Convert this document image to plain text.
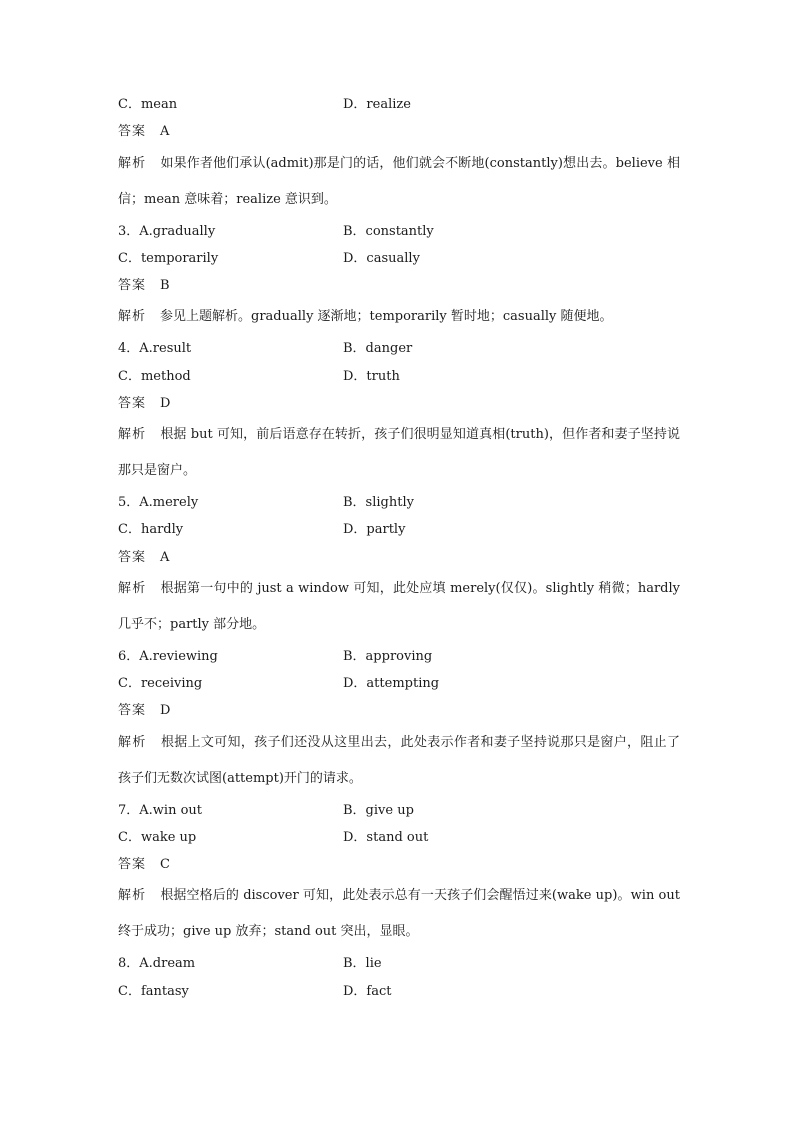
C．mean	D．realize
答案 A
解析 如果作者他们承认(admit)那是门的话，他们就会不断地(constantly)想出去。believe 相信；mean 意味着；realize 意识到。
3．A.gradually	B．constantly
C．temporarily	D．casually
答案 B
解析 参见上题解析。gradually 逐渐地；temporarily 暂时地；casually 随便地。
4．A.result	B．danger
C．method	D．truth
答案 D
解析 根据 but 可知，前后语意存在转折，孩子们很明显知道真相(truth)，但作者和妻子坚持说那只是窗户。
5．A.merely	B．slightly
C．hardly	D．partly
答案 A
解析 根据第一句中的 just a window 可知，此处应填 merely(仅仅)。slightly 稍微；hardly 几乎不；partly 部分地。
6．A.reviewing	B．approving
C．receiving	D．attempting
答案 D
解析 根据上文可知，孩子们还没从这里出去，此处表示作者和妻子坚持说那只是窗户，阻止了孩子们无数次试图(attempt)开门的请求。
7．A.win out	B．give up
C．wake up	D．stand out
答案 C
解析 根据空格后的 discover 可知，此处表示总有一天孩子们会醒悟过来(wake up)。win out 终于成功；give up 放弃；stand out 突出，显眼。
8．A.dream	B．lie
C．fantasy	D．fact
